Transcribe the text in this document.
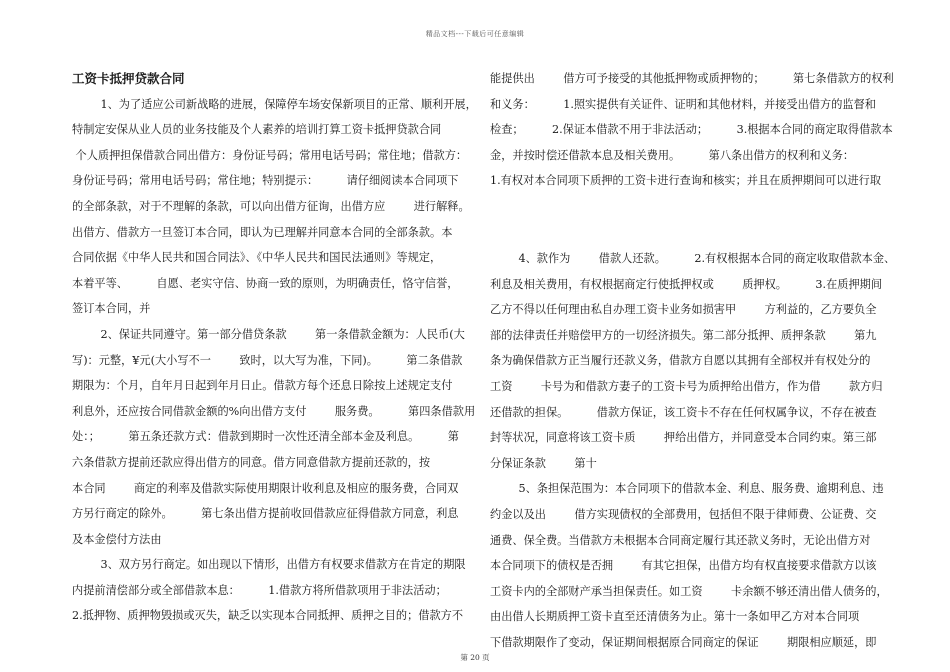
精品文档---下载后可任意编辑

工资卡抵押贷款合同

1、为了适应公司新战略的进展，保障停车场安保新项目的正常、顺利开展，

特制定安保从业人员的业务技能及个人素养的培训打算工资卡抵押贷款合同

个人质押担保借款合同出借方：身份证号码；常用电话号码；常住地；借款方：

身份证号码；常用电话号码；常住地；特别提示：        请仔细阅读本合同项下

的全部条款，对于不理解的条款，可以向出借方征询，出借方应        进行解释。

出借方、借款方一旦签订本合同，即认为已理解并同意本合同的全部条款。本

合同依据《中华人民共和国合同法》、《中华人民共和国民法通则》等规定，

本着平等、        自愿、老实守信、协商一致的原则，为明确责任，恪守信誉，

签订本合同，并

2、保证共同遵守。第一部分借贷条款        第一条借款金额为：人民币(大

写)：元整，¥元(大小写不一        致时，以大写为准，下同)。        第二条借款

期限为：个月，自年月日起到年月日止。借款方每个还息日除按上述规定支付

利息外，还应按合同借款金额的%向出借方支付        服务费。        第四条借款用

处：；        第五条还款方式：借款到期时一次性还清全部本金及利息。        第

六条借款方提前还款应得出借方的同意。借方同意借款方提前还款的，按

本合同        商定的利率及借款实际使用期限计收利息及相应的服务费，合同双

方另行商定的除外。        第七条出借方提前收回借款应征得借款方同意，利息

及本金偿付方法由

3、双方另行商定。如出现以下情形，出借方有权要求借款方在肯定的期限

内提前清偿部分或全部借款本息：        1.借款方将所借款项用于非法活动；

2.抵押物、质押物毁损或灭失，缺乏以实现本合同抵押、质押之目的；借款方不

能提供出        借方可予接受的其他抵押物或质押物的；        第七条借款方的权利

和义务：        1.照实提供有关证件、证明和其他材料，并接受出借方的监督和

检查；        2.保证本借款不用于非法活动；        3.根据本合同的商定取得借款本

金，并按时偿还借款本息及相关费用。        第八条出借方的权利和义务：

1.有权对本合同项下质押的工资卡进行查询和核实；并且在质押期间可以进行取

4、款作为        借款人还款。        2.有权根据本合同的商定收取借款本金、

利息及相关费用，有权根据商定行使抵押权或        质押权。        3.在质押期间

乙方不得以任何理由私自办理工资卡业务如损害甲        方利益的，乙方要负全

部的法律责任并赔偿甲方的一切经济损失。第二部分抵押、质押条款        第九

条为确保借款方正当履行还款义务，借款方自愿以其拥有全部权并有权处分的

工资        卡号为和借款方妻子的工资卡号为质押给出借方，作为借        款方归

还借款的担保。        借款方保证，该工资卡不存在任何权属争议，不存在被查

封等状况，同意将该工资卡质        押给出借方，并同意受本合同约束。第三部

分保证条款        第十

5、条担保范围为：本合同项下的借款本金、利息、服务费、逾期利息、违

约金以及出        借方实现债权的全部费用，包括但不限于律师费、公证费、交

通费、保全费。当借款方未根据本合同商定履行其还款义务时，无论出借方对

本合同项下的债权是否拥        有其它担保，出借方均有权直接要求借款方以该

工资卡内的全部财产承当担保责任。如工资        卡余额不够还清出借人债务的，

由出借人长期质押工资卡直至还清债务为止。第十一条如甲乙方对本合同项

下借款期限作了变动，保证期间根据原合同商定的保证        期限相应顺延，即

第 20 页
